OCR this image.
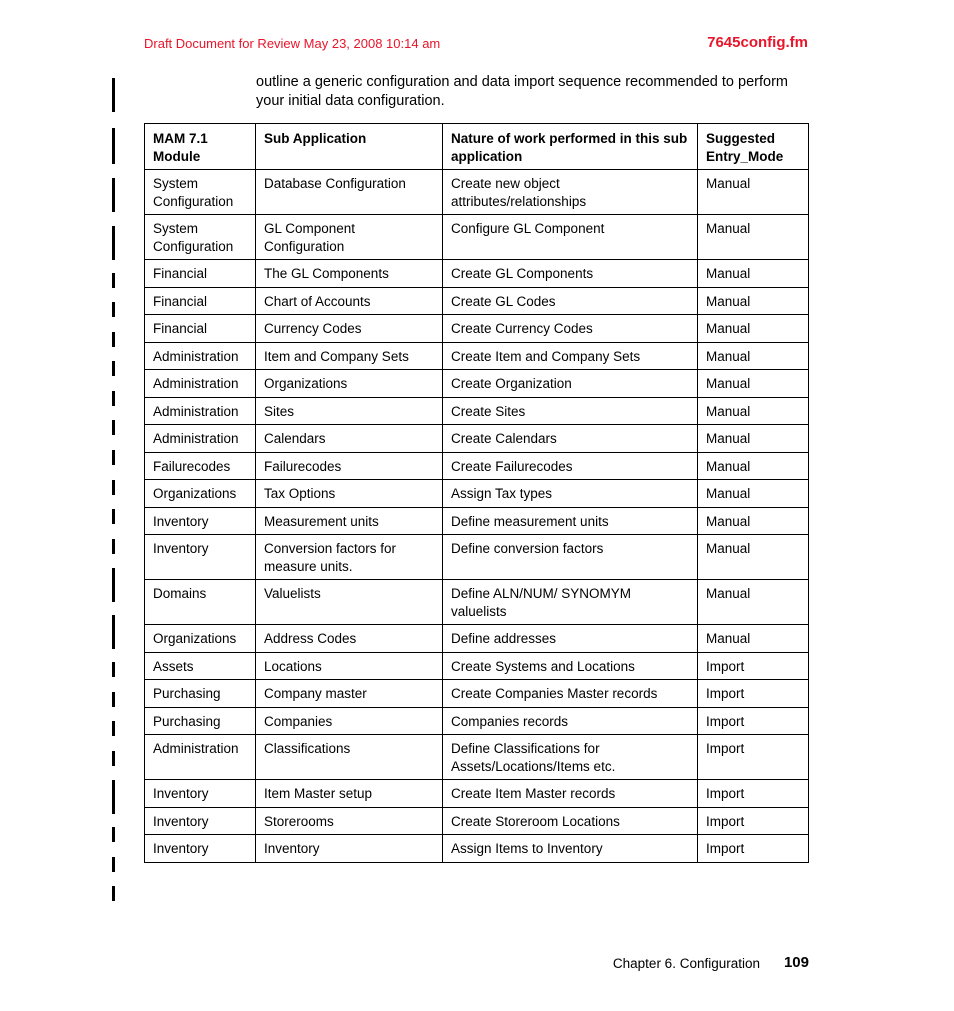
Draft Document for Review May 23, 2008 10:14 am	7645config.fm

outline a generic configuration and data import sequence recommended to perform your initial data configuration.

MAM 7.1 Module	Sub Application	Nature of work performed in this sub application	Suggested Entry_Mode
System Configuration	Database Configuration	Create new object attributes/relationships	Manual
System Configuration	GL Component Configuration	Configure GL Component	Manual
Financial	The GL Components	Create GL Components	Manual
Financial	Chart of Accounts	Create GL Codes	Manual
Financial	Currency Codes	Create Currency Codes	Manual
Administration	Item and Company Sets	Create Item and Company Sets	Manual
Administration	Organizations	Create Organization	Manual
Administration	Sites	Create Sites	Manual
Administration	Calendars	Create Calendars	Manual
Failurecodes	Failurecodes	Create Failurecodes	Manual
Organizations	Tax Options	Assign Tax types	Manual
Inventory	Measurement units	Define measurement units	Manual
Inventory	Conversion factors for measure units.	Define conversion factors	Manual
Domains	Valuelists	Define ALN/NUM/ SYNOMYM valuelists	Manual
Organizations	Address Codes	Define addresses	Manual
Assets	Locations	Create Systems and Locations	Import
Purchasing	Company master	Create Companies Master records	Import
Purchasing	Companies	Companies records	Import
Administration	Classifications	Define Classifications for Assets/Locations/Items etc.	Import
Inventory	Item Master setup	Create Item Master records	Import
Inventory	Storerooms	Create Storeroom Locations	Import
Inventory	Inventory	Assign Items to Inventory	Import
Chapter 6. Configuration 109
